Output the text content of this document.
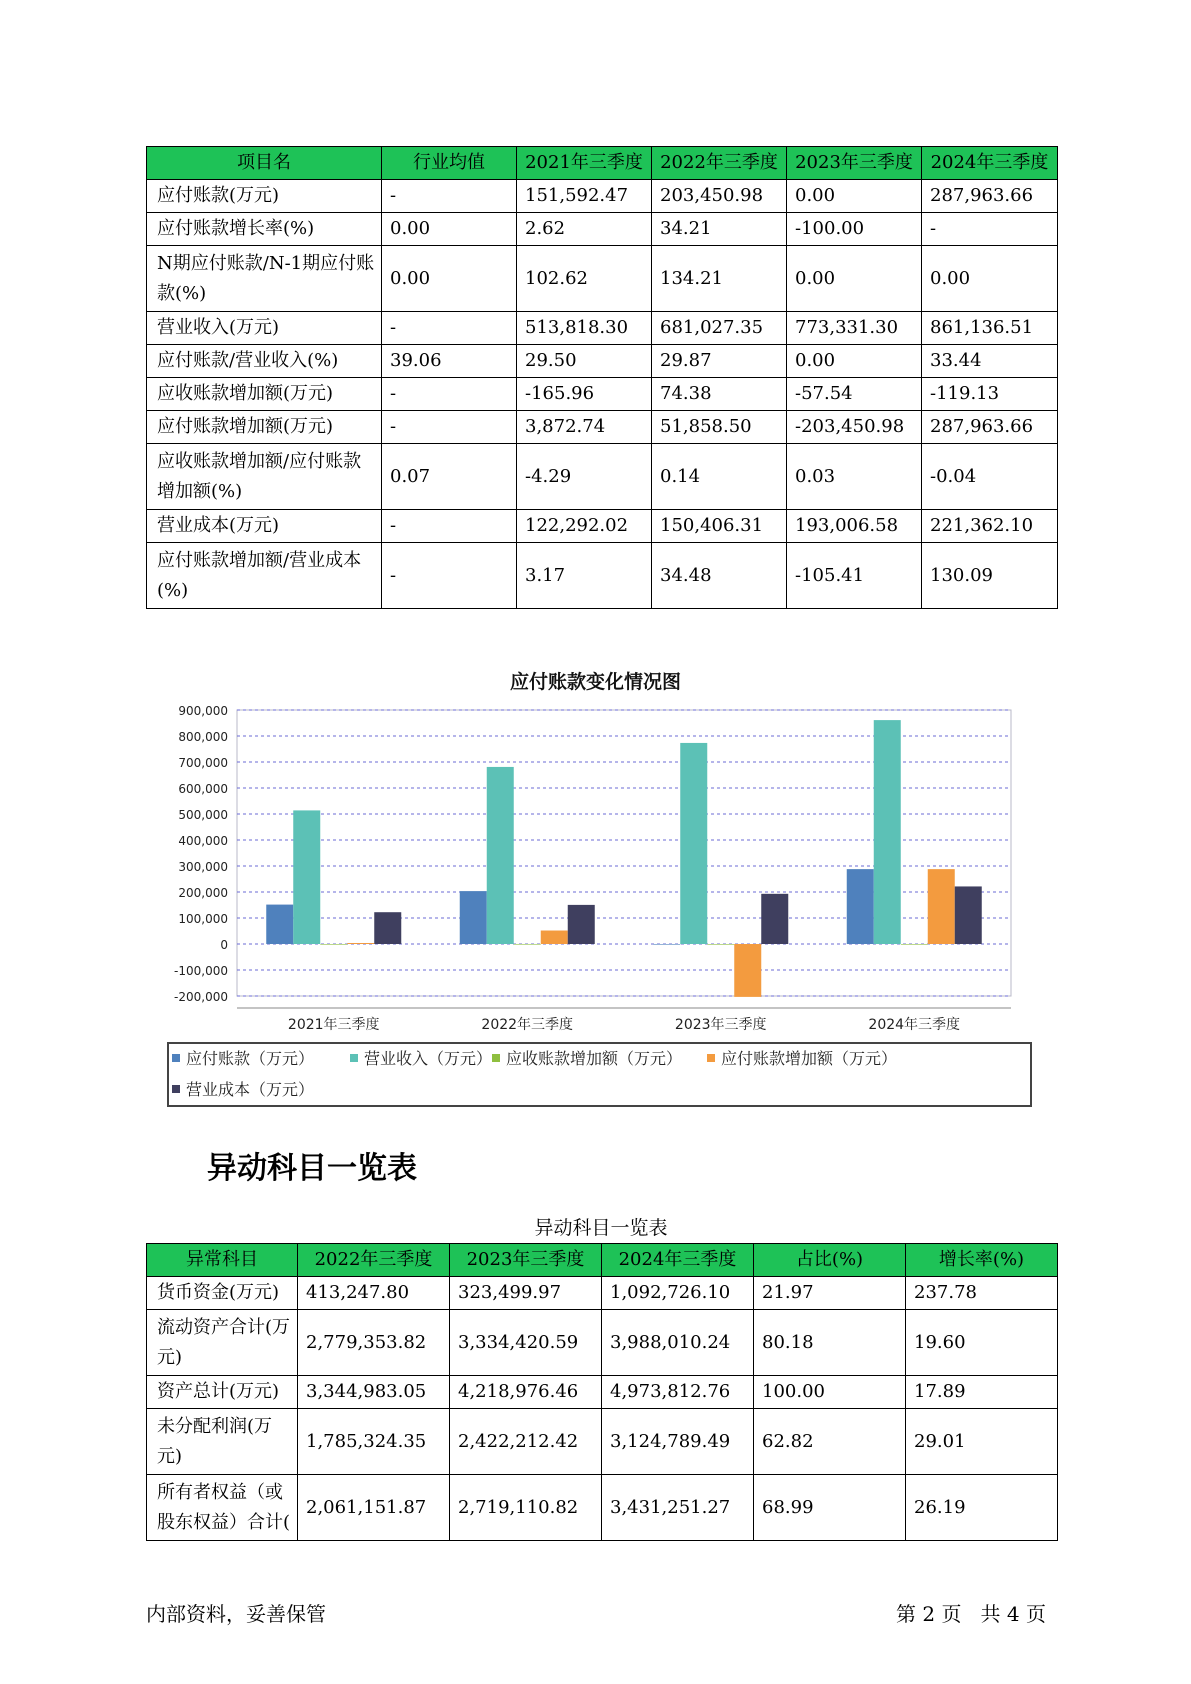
项目名	行业均值	2021年三季度	2022年三季度	2023年三季度	2024年三季度
应付账款(万元)	-	151,592.47	203,450.98	0.00	287,963.66
应付账款增长率(%)	0.00	2.62	34.21	-100.00	-
N期应付账款/N-1期应付账款(%)	0.00	102.62	134.21	0.00	0.00
营业收入(万元)	-	513,818.30	681,027.35	773,331.30	861,136.51
应付账款/营业收入(%)	39.06	29.50	29.87	0.00	33.44
应收账款增加额(万元)	-	-165.96	74.38	-57.54	-119.13
应付账款增加额(万元)	-	3,872.74	51,858.50	-203,450.98	287,963.66
应收账款增加额/应付账款增加额(%)	0.07	-4.29	0.14	0.03	-0.04
营业成本(万元)	-	122,292.02	150,406.31	193,006.58	221,362.10
应付账款增加额/营业成本(%)	-	3.17	34.48	-105.41	130.09
应付账款变化情况图
-200,000
-100,000
0
100,000
200,000
300,000
400,000
500,000
600,000
700,000
800,000
900,000
2021年三季度	2022年三季度	2023年三季度	2024年三季度
应付账款（万元）	营业收入（万元） 应收账款增加额（万元） 应付账款增加额（万元）
营业成本（万元）
异动科目一览表
异动科目一览表
异常科目	2022年三季度	2023年三季度	2024年三季度	占比(%)	增长率(%)
货币资金(万元)	413,247.80	323,499.97	1,092,726.10	21.97	237.78
流动资产合计(万元)	2,779,353.82	3,334,420.59	3,988,010.24	80.18	19.60
资产总计(万元)	3,344,983.05	4,218,976.46	4,973,812.76	100.00	17.89
未分配利润(万元)	1,785,324.35	2,422,212.42	3,124,789.49	62.82	29.01
所有者权益（或股东权益）合计(	2,061,151.87	2,719,110.82	3,431,251.27	68.99	26.19
内部资料，妥善保管	第 2 页   共 4 页
